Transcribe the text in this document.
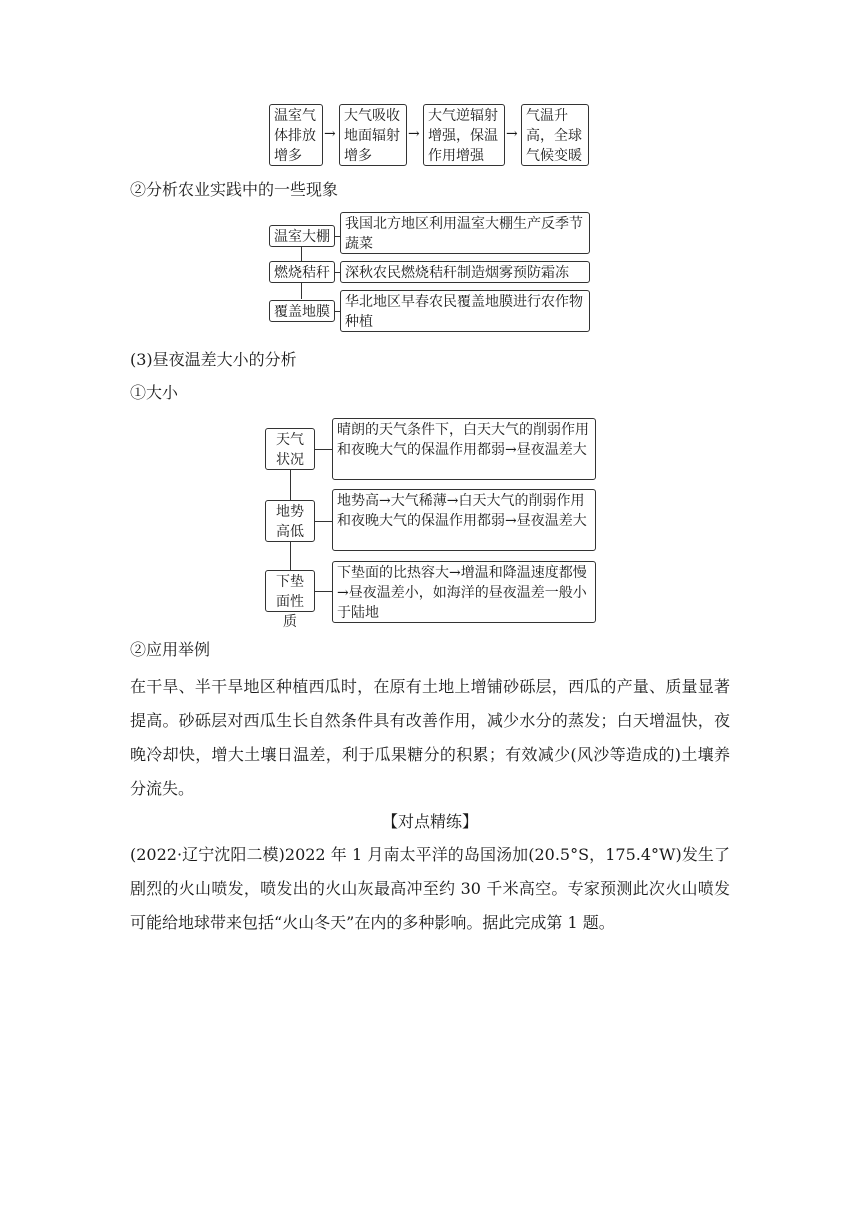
温室气体排放增多
→
大气吸收地面辐射增多
→
大气逆辐射增强，保温作用增强
→
气温升高，全球气候变暖
②分析农业实践中的一些现象
温室大棚
我国北方地区利用温室大棚生产反季节蔬菜
燃烧秸秆	深秋农民燃烧秸秆制造烟雾预防霜冻
覆盖地膜
华北地区早春农民覆盖地膜进行农作物种植
(3)昼夜温差大小的分析
①大小
天气状况
晴朗的天气条件下，白天大气的削弱作用和夜晚大气的保温作用都弱→昼夜温差大
地势高低
地势高→大气稀薄→白天大气的削弱作用和夜晚大气的保温作用都弱→昼夜温差大
下垫面性质
下垫面的比热容大→增温和降温速度都慢→昼夜温差小，如海洋的昼夜温差一般小于陆地
②应用举例
在干旱、半干旱地区种植西瓜时，在原有土地上增铺砂砾层，西瓜的产量、质量显著提高。砂砾层对西瓜生长自然条件具有改善作用，减少水分的蒸发；白天增温快，夜晚冷却快，增大土壤日温差，利于瓜果糖分的积累；有效减少(风沙等造成的)土壤养分流失。
【对点精练】
(2022·辽宁沈阳二模)2022 年 1 月南太平洋的岛国汤加(20.5°S，175.4°W)发生了剧烈的火山喷发，喷发出的火山灰最高冲至约 30 千米高空。专家预测此次火山喷发可能给地球带来包括“火山冬天”在内的多种影响。据此完成第 1 题。
